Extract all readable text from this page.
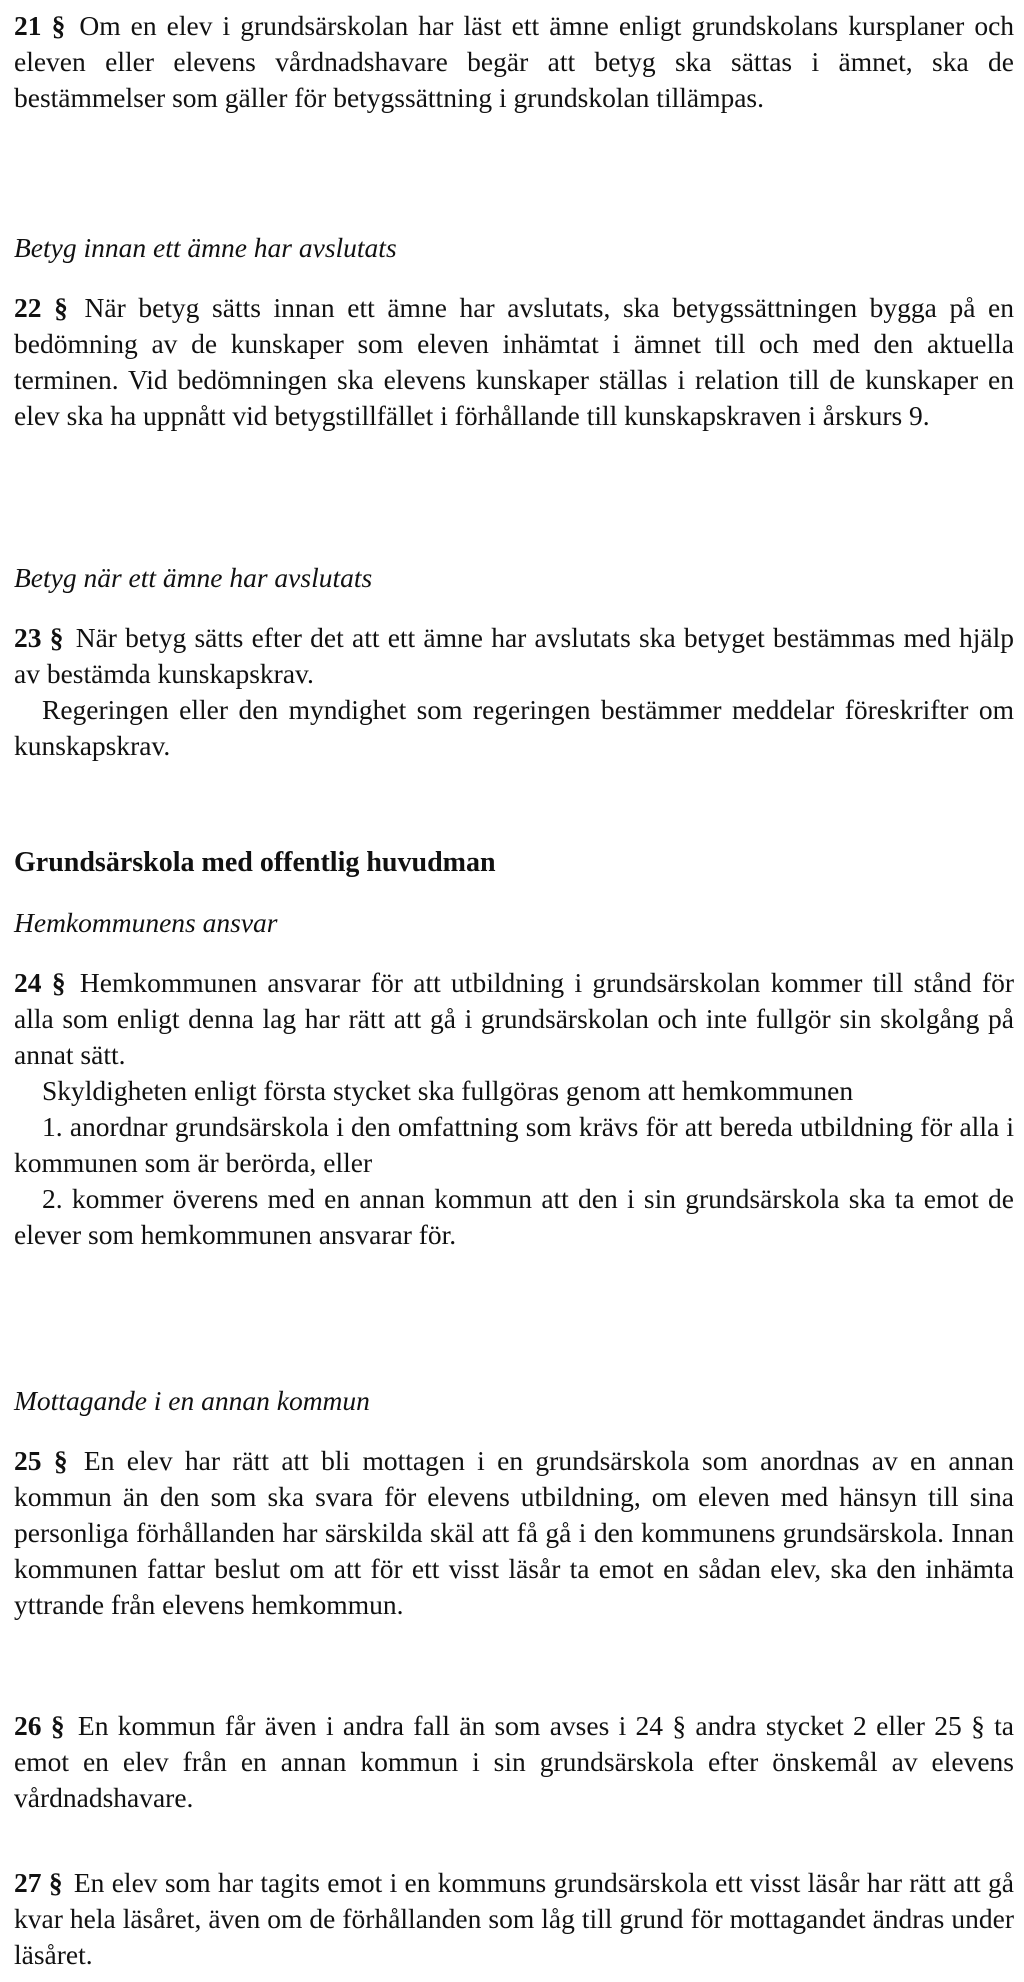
21 § Om en elev i grundsärskolan har läst ett ämne enligt grundskolans kursplaner och eleven eller elevens vårdnadshavare begär att betyg ska sättas i ämnet, ska de bestämmelser som gäller för betygssättning i grundskolan tillämpas.

Betyg innan ett ämne har avslutats

22 § När betyg sätts innan ett ämne har avslutats, ska betygssättningen bygga på en bedömning av de kunskaper som eleven inhämtat i ämnet till och med den aktuella terminen. Vid bedömningen ska elevens kunskaper ställas i relation till de kunskaper en elev ska ha uppnått vid betygstillfället i förhållande till kunskapskraven i årskurs 9.

Betyg när ett ämne har avslutats

23 § När betyg sätts efter det att ett ämne har avslutats ska betyget bestämmas med hjälp av bestämda kunskapskrav.

Regeringen eller den myndighet som regeringen bestämmer meddelar föreskrifter om kunskapskrav.

Grundsärskola med offentlig huvudman

Hemkommunens ansvar

24 § Hemkommunen ansvarar för att utbildning i grundsärskolan kommer till stånd för alla som enligt denna lag har rätt att gå i grundsärskolan och inte fullgör sin skolgång på annat sätt.

Skyldigheten enligt första stycket ska fullgöras genom att hemkommunen

1. anordnar grundsärskola i den omfattning som krävs för att bereda utbildning för alla i kommunen som är berörda, eller

2. kommer överens med en annan kommun att den i sin grundsärskola ska ta emot de elever som hemkommunen ansvarar för.

Mottagande i en annan kommun

25 § En elev har rätt att bli mottagen i en grundsärskola som anordnas av en annan kommun än den som ska svara för elevens utbildning, om eleven med hänsyn till sina personliga förhållanden har särskilda skäl att få gå i den kommunens grundsärskola. Innan kommunen fattar beslut om att för ett visst läsår ta emot en sådan elev, ska den inhämta yttrande från elevens hemkommun.

26 § En kommun får även i andra fall än som avses i 24 § andra stycket 2 eller 25 § ta emot en elev från en annan kommun i sin grundsärskola efter önskemål av elevens vårdnadshavare.

27 § En elev som har tagits emot i en kommuns grundsärskola ett visst läsår har rätt att gå kvar hela läsåret, även om de förhållanden som låg till grund för mottagandet ändras under läsåret.
